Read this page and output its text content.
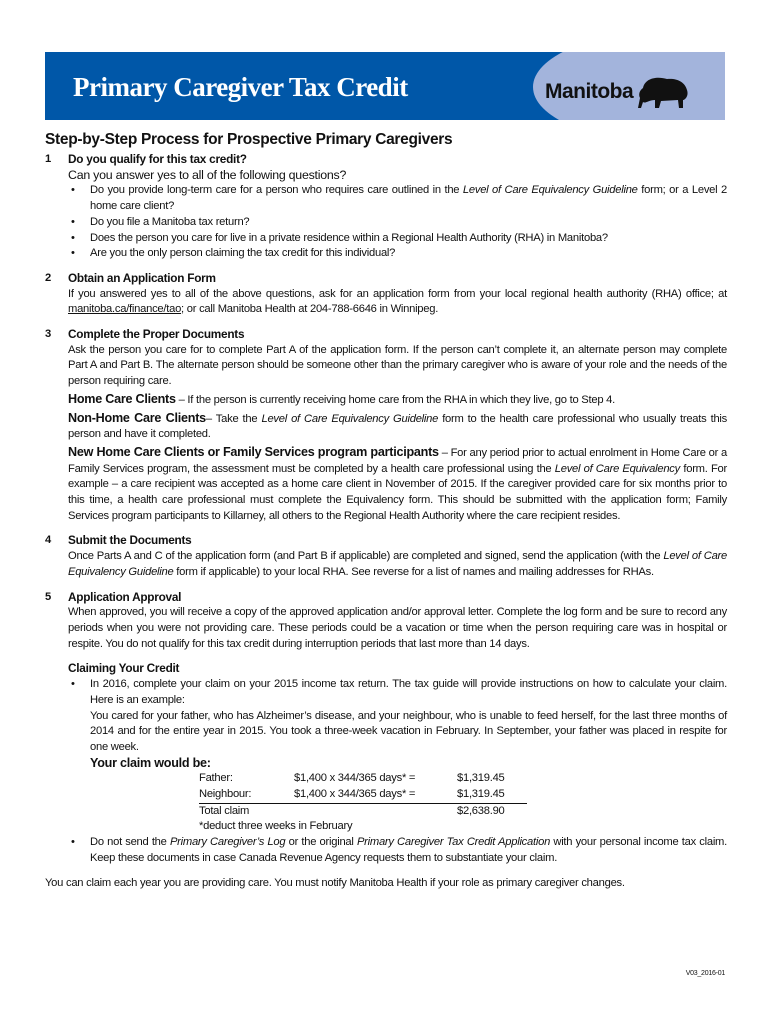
Primary Caregiver Tax Credit	Manitoba
Step-by-Step Process for Prospective Primary Caregivers
1 Do you qualify for this tax credit?
Can you answer yes to all of the following questions?
• Do you provide long-term care for a person who requires care outlined in the Level of Care Equivalency Guideline form; or a Level 2 home care client?

• Do you file a Manitoba tax return?

• Does the person you care for live in a private residence within a Regional Health Authority (RHA) in Manitoba?

• Are you the only person claiming the tax credit for this individual?

2 Obtain an Application Form

If you answered yes to all of the above questions, ask for an application form from your local regional health authority (RHA) office; at manitoba.ca/finance/tao; or call Manitoba Health at 204-788-6646 in Winnipeg.

3 Complete the Proper Documents

Ask the person you care for to complete Part A of the application form. If the person can’t complete it, an alternate person may complete Part A and Part B. The alternate person should be someone other than the primary caregiver who is aware of your role and the needs of the person requiring care.

Home Care Clients – If the person is currently receiving home care from the RHA in which they live, go to Step 4.

Non-Home Care Clients– Take the Level of Care Equivalency Guideline form to the health care professional who usually treats this person and have it completed.

New Home Care Clients or Family Services program participants – For any period prior to actual enrolment in Home Care or a Family Services program, the assessment must be completed by a health care professional using the Level of Care Equivalency form. For example – a care recipient was accepted as a home care client in November of 2015. If the caregiver provided care for six months prior to this time, a health care professional must complete the Equivalency form. This should be submitted with the application form; Family Services program participants to Killarney, all others to the Regional Health Authority where the care recipient resides.

4 Submit the Documents

Once Parts A and C of the application form (and Part B if applicable) are completed and signed, send the application (with the Level of Care Equivalency Guideline form if applicable) to your local RHA. See reverse for a list of names and mailing addresses for RHAs.

5 Application Approval

When approved, you will receive a copy of the approved application and/or approval letter. Complete the log form and be sure to record any periods when you were not providing care. These periods could be a vacation or time when the person requiring care was in hospital or respite. You do not qualify for this tax credit during interruption periods that last more than 14 days.

Claiming Your Credit
• In 2016, complete your claim on your 2015 income tax return. The tax guide will provide instructions on how to calculate your claim. Here is an example:

You cared for your father, who has Alzheimer’s disease, and your neighbour, who is unable to feed herself, for the last three months of 2014 and for the entire year in 2015. You took a three-week vacation in February. In September, your father was placed in respite for one week.

Your claim would be:
Father:	$1,400 x 344/365 days* =	$1,319.45
Neighbour:	$1,400 x 344/365 days* =	$1,319.45
Total claim		$2,638.90
*deduct three weeks in February
• Do not send the Primary Caregiver’s Log or the original Primary Caregiver Tax Credit Application with your personal income tax claim. Keep these documents in case Canada Revenue Agency requests them to substantiate your claim.

You can claim each year you are providing care. You must notify Manitoba Health if your role as primary caregiver changes.

V03_2016-01
